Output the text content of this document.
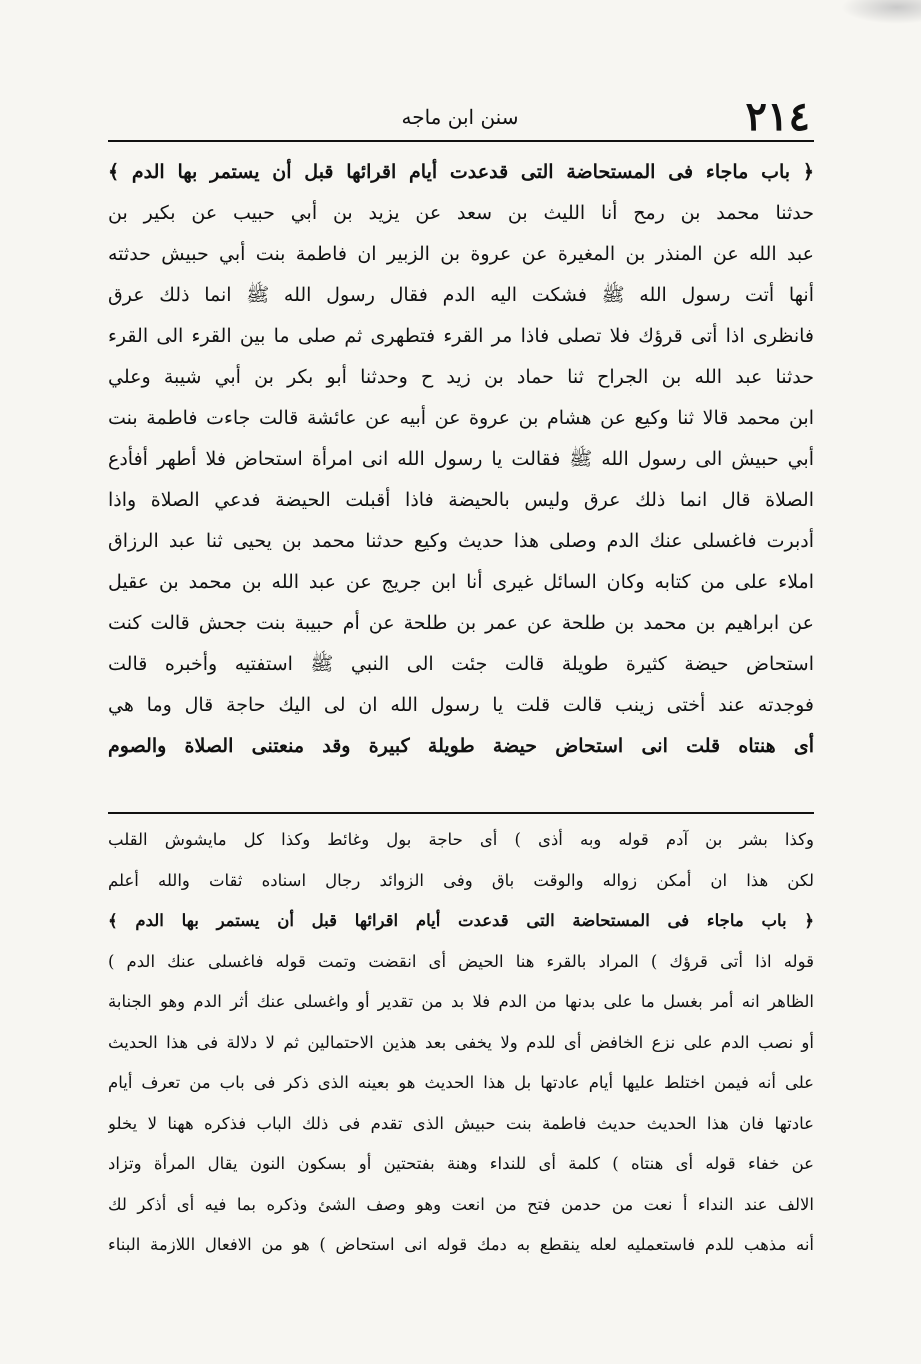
٢١٤
سنن ابن ماجه
﴿ باب ماجاء فى المستحاضة التى قدعدت أيام اقرائها قبل أن يستمر بها الدم ﴾
حدثنا محمد بن رمح أنا الليث بن سعد عن يزيد بن أبي حبيب عن بكير بن
عبد الله عن المنذر بن المغيرة عن عروة بن الزبير ان فاطمة بنت أبي حبيش حدثته
أنها أتت رسول الله ﷺ فشكت اليه الدم فقال رسول الله ﷺ انما ذلك عرق
فانظرى اذا أتى قرؤك فلا تصلى فاذا مر القرء فتطهرى ثم صلى ما بين القرء الى القرء
حدثنا عبد الله بن الجراح ثنا حماد بن زيد ح وحدثنا أبو بكر بن أبي شيبة وعلي
ابن محمد قالا ثنا وكيع عن هشام بن عروة عن أبيه عن عائشة قالت جاءت فاطمة بنت
أبي حبيش الى رسول الله ﷺ فقالت يا رسول الله انى امرأة استحاض فلا أطهر أفأدع
الصلاة قال انما ذلك عرق وليس بالحيضة فاذا أقبلت الحيضة فدعي الصلاة واذا
أدبرت فاغسلى عنك الدم وصلى هذا حديث وكيع حدثنا محمد بن يحيى ثنا عبد الرزاق
املاء على من كتابه وكان السائل غيرى أنا ابن جريج عن عبد الله بن محمد بن عقيل
عن ابراهيم بن محمد بن طلحة عن عمر بن طلحة عن أم حبيبة بنت جحش قالت كنت
استحاض حيضة كثيرة طويلة قالت جئت الى النبي ﷺ استفتيه وأخبره قالت
فوجدته عند أختى زينب قالت قلت يا رسول الله ان لى اليك حاجة قال وما هي
أى هنتاه قلت انى استحاض حيضة طويلة كبيرة وقد منعتنى الصلاة والصوم
وكذا بشر بن آدم قوله وبه أذى ) أى حاجة بول وغائط وكذا كل مايشوش القلب
لكن هذا ان أمكن زواله والوقت باق وفى الزوائد رجال اسناده ثقات والله أعلم
﴿ باب ماجاء فى المستحاضة التى قدعدت أيام اقرائها قبل أن يستمر بها الدم ﴾
قوله اذا أتى قرؤك ) المراد بالقرء هنا الحيض أى انقضت وتمت قوله فاغسلى عنك الدم )
الظاهر انه أمر بغسل ما على بدنها من الدم فلا بد من تقدير أو واغسلى عنك أثر الدم وهو الجنابة
أو نصب الدم على نزع الخافض أى للدم ولا يخفى بعد هذين الاحتمالين ثم لا دلالة فى هذا الحديث
على أنه فيمن اختلط عليها أيام عادتها بل هذا الحديث هو بعينه الذى ذكر فى باب من تعرف أيام
عادتها فان هذا الحديث حديث فاطمة بنت حبيش الذى تقدم فى ذلك الباب فذكره ههنا لا يخلو
عن خفاء قوله أى هنتاه ) كلمة أى للنداء وهنة بفتحتين أو بسكون النون يقال المرأة وتزاد
الالف عند النداء أ نعت من حدمن فتح من انعت وهو وصف الشئ وذكره بما فيه أى أذكر لك
أنه مذهب للدم فاستعمليه لعله ينقطع به دمك قوله انى استحاض ) هو من الافعال اللازمة البناء
